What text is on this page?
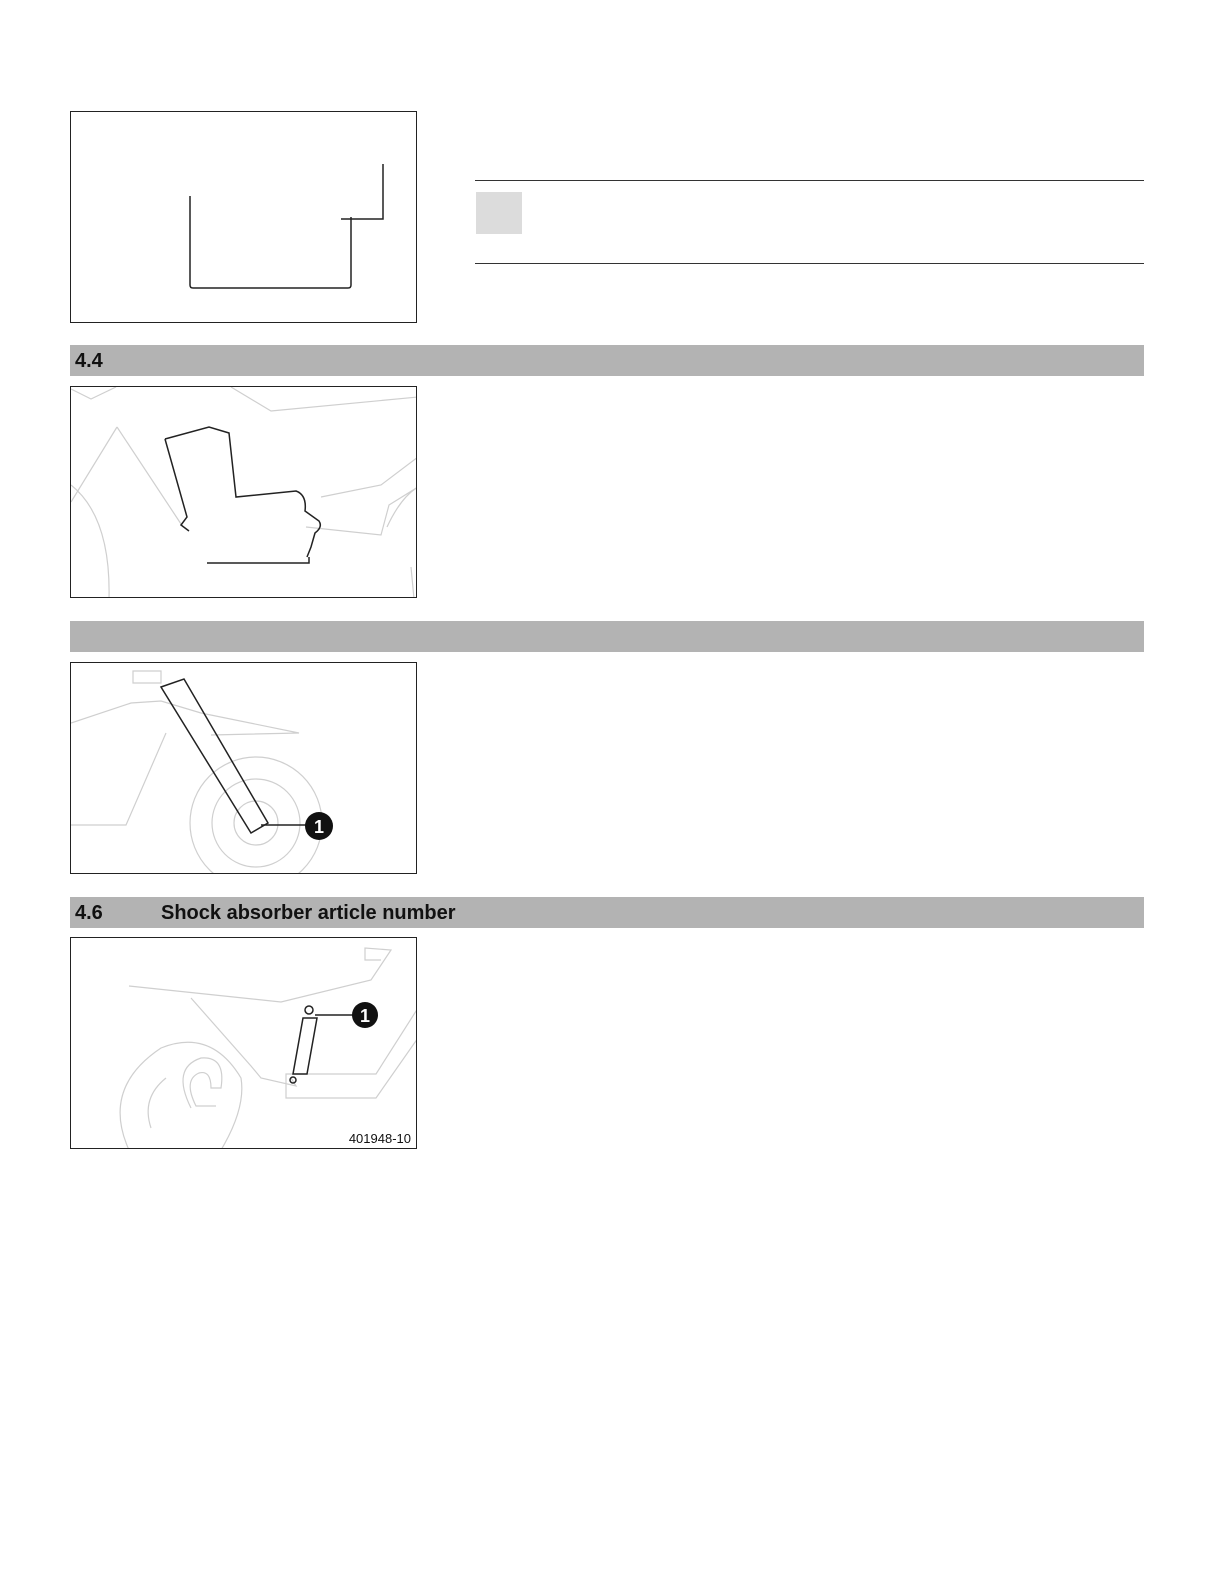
4.4
1
4.6	Shock absorber article number
1
401948-10
